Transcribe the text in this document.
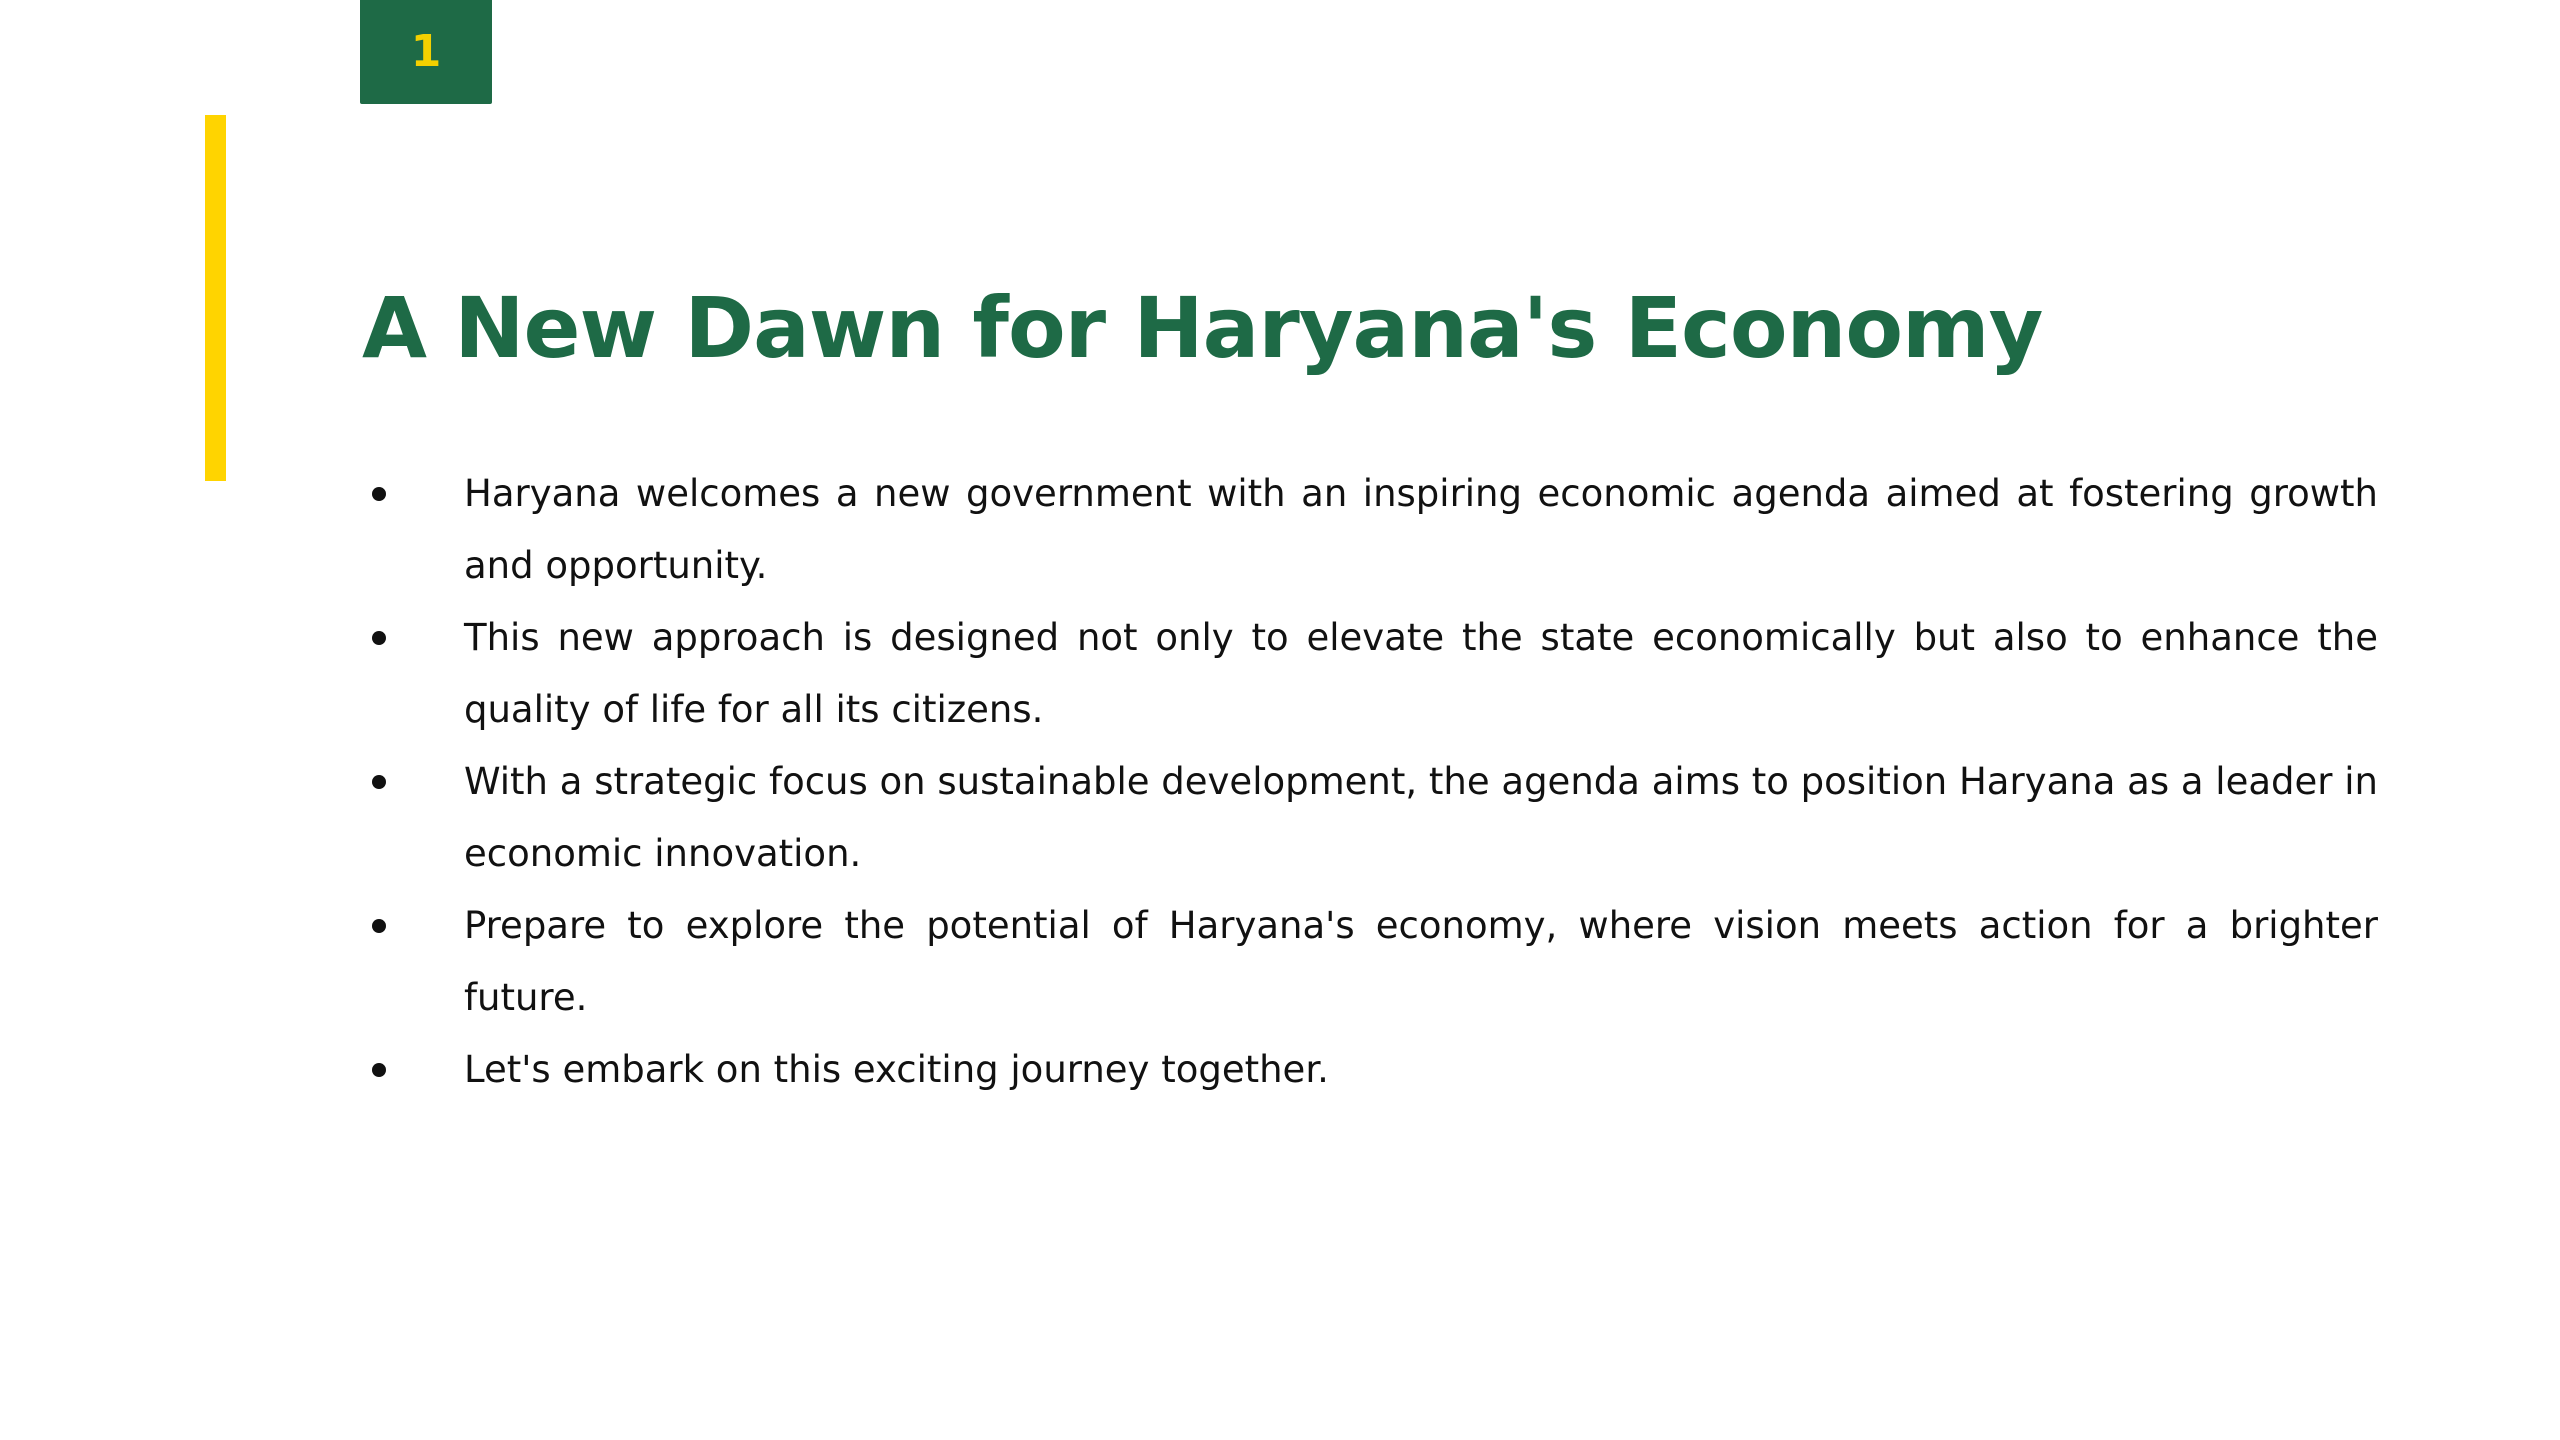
1
A New Dawn for Haryana's Economy
Haryana welcomes a new government with an inspiring economic agenda aimed at fostering growth and opportunity.
This new approach is designed not only to elevate the state economically but also to enhance the quality of life for all its citizens.
With a strategic focus on sustainable development, the agenda aims to position Haryana as a leader in economic innovation.
Prepare to explore the potential of Haryana's economy, where vision meets action for a brighter future.
Let's embark on this exciting journey together.
